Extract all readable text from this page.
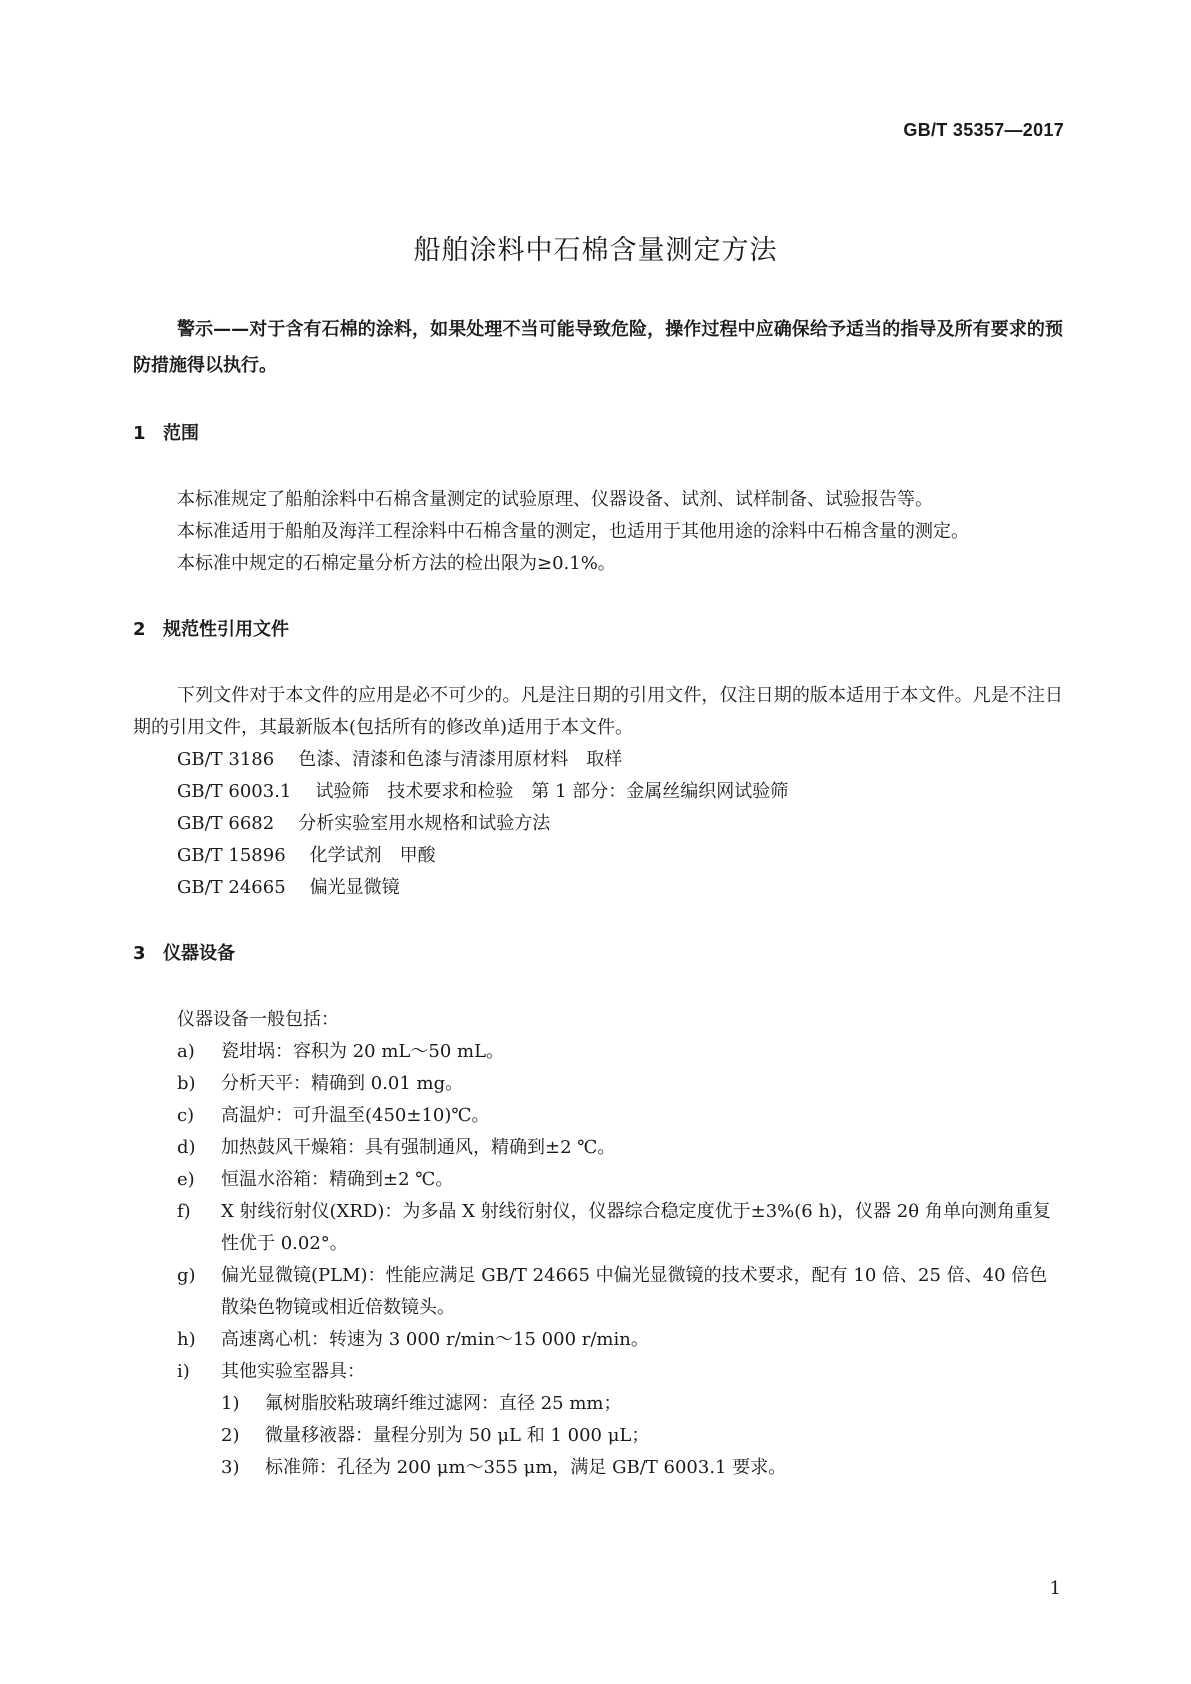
GB/T 35357—2017
船舶涂料中石棉含量测定方法

警示——对于含有石棉的涂料，如果处理不当可能导致危险，操作过程中应确保给予适当的指导及所有要求的预防措施得以执行。

1 范围

本标准规定了船舶涂料中石棉含量测定的试验原理、仪器设备、试剂、试样制备、试验报告等。

本标准适用于船舶及海洋工程涂料中石棉含量的测定，也适用于其他用途的涂料中石棉含量的测定。

本标准中规定的石棉定量分析方法的检出限为≥0.1%。

2 规范性引用文件

下列文件对于本文件的应用是必不可少的。凡是注日期的引用文件，仅注日期的版本适用于本文件。凡是不注日期的引用文件，其最新版本(包括所有的修改单)适用于本文件。

GB/T 3186 色漆、清漆和色漆与清漆用原材料　取样
GB/T 6003.1 试验筛　技术要求和检验　第 1 部分：金属丝编织网试验筛
GB/T 6682 分析实验室用水规格和试验方法
GB/T 15896 化学试剂　甲酸
GB/T 24665 偏光显微镜
3 仪器设备

仪器设备一般包括：

a)	瓷坩埚：容积为 20 mL～50 mL。
b)	分析天平：精确到 0.01 mg。
c)	高温炉：可升温至(450±10)℃。
d)	加热鼓风干燥箱：具有强制通风，精确到±2 ℃。
e)	恒温水浴箱：精确到±2 ℃。
f)	X 射线衍射仪(XRD)：为多晶 X 射线衍射仪，仪器综合稳定度优于±3%(6 h)，仪器 2θ 角单向测角重复性优于 0.02°。
g)	偏光显微镜(PLM)：性能应满足 GB/T 24665 中偏光显微镜的技术要求，配有 10 倍、25 倍、40 倍色散染色物镜或相近倍数镜头。
h)	高速离心机：转速为 3 000 r/min～15 000 r/min。
i)	其他实验室器具：
1)	氟树脂胶粘玻璃纤维过滤网：直径 25 mm；
2)	微量移液器：量程分别为 50 μL 和 1 000 μL；
3)	标准筛：孔径为 200 μm～355 μm，满足 GB/T 6003.1 要求。
1
